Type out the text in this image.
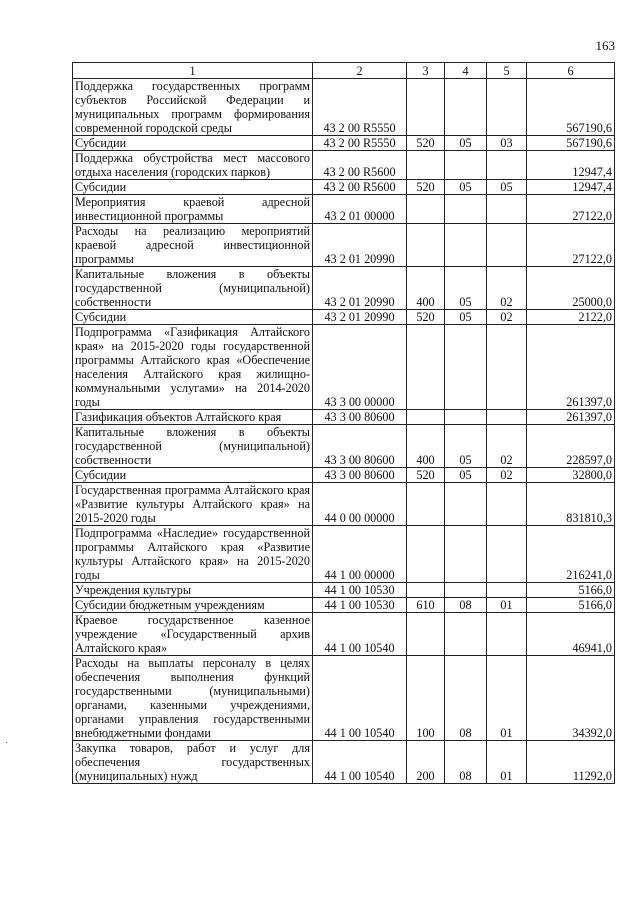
163
1	2	3	4	5	6
Поддержка государственных программ субъектов Российской Федерации и муниципальных программ формирования современной городской среды	43 2 00 R5550				567190,6
Субсидии	43 2 00 R5550	520	05	03	567190,6
Поддержка обустройства мест массового отдыха населения (городских парков)	43 2 00 R5600				12947,4
Субсидии	43 2 00 R5600	520	05	05	12947,4
Мероприятия краевой адресной инвестиционной программы	43 2 01 00000				27122,0
Расходы на реализацию мероприятий краевой адресной инвестиционной программы	43 2 01 20990				27122,0
Капитальные вложения в объекты государственной (муниципальной) собственности	43 2 01 20990	400	05	02	25000,0
Субсидии	43 2 01 20990	520	05	02	2122,0
Подпрограмма «Газификация Алтайского края» на 2015-2020 годы государственной программы Алтайского края «Обеспечение населения Алтайского края жилищно-коммунальными услугами» на 2014-2020 годы	43 3 00 00000				261397,0
Газификация объектов Алтайского края	43 3 00 80600				261397,0
Капитальные вложения в объекты государственной (муниципальной) собственности	43 3 00 80600	400	05	02	228597,0
Субсидии	43 3 00 80600	520	05	02	32800,0
Государственная программа Алтайского края «Развитие культуры Алтайского края» на 2015-2020 годы	44 0 00 00000				831810,3
Подпрограмма «Наследие» государственной программы Алтайского края «Развитие культуры Алтайского края» на 2015-2020 годы	44 1 00 00000				216241,0
Учреждения культуры	44 1 00 10530				5166,0
Субсидии бюджетным учреждениям	44 1 00 10530	610	08	01	5166,0
Краевое государственное казенное учреждение «Государственный архив Алтайского края»	44 1 00 10540				46941,0
Расходы на выплаты персоналу в целях обеспечения выполнения функций государственными (муниципальными) органами, казенными учреждениями, органами управления государственными внебюджетными фондами	44 1 00 10540	100	08	01	34392,0
Закупка товаров, работ и услуг для обеспечения государственных (муниципальных) нужд	44 1 00 10540	200	08	01	11292,0
